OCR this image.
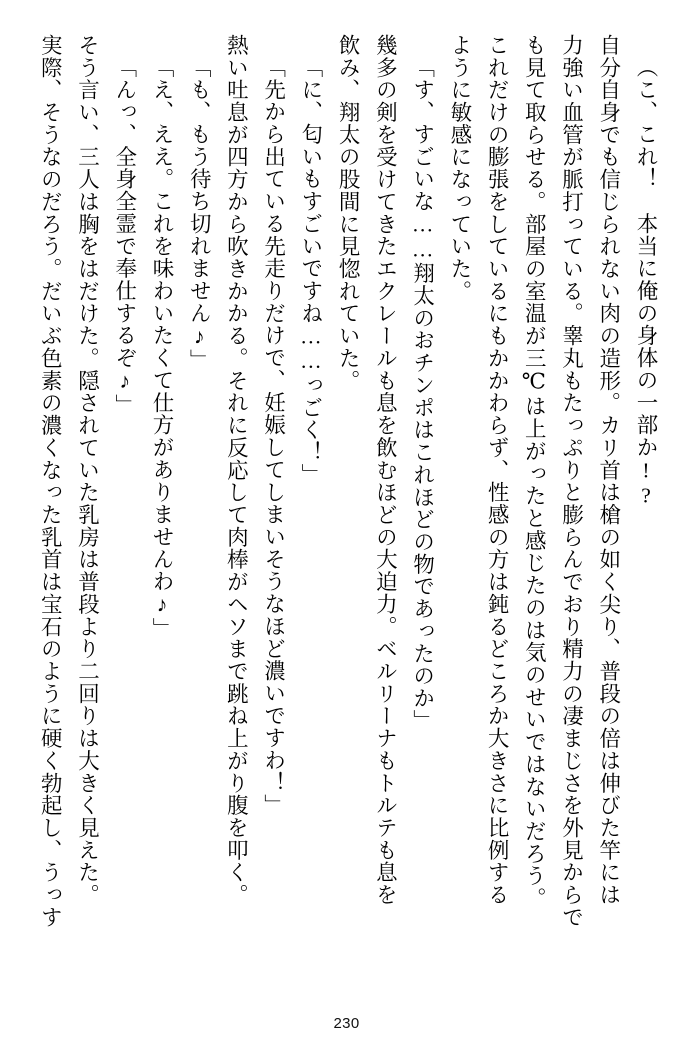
（こ、これ！　本当に俺の身体の一部か!?

自分自身でも信じられない肉の造形。カリ首は槍の如く尖り、普段の倍は伸びた竿には

力強い血管が脈打っている。睾丸もたっぷりと膨らんでおり精力の凄まじさを外見からで

も見て取らせる。部屋の室温が三℃は上がったと感じたのは気のせいではないだろう。

これだけの膨張をしているにもかかわらず、性感の方は鈍るどころか大きさに比例する

ように敏感になっていた。

「す、すごいな……翔太のおチンポはこれほどの物であったのか」

幾多の剣を受けてきたエクレールも息を飲むほどの大迫力。ベルリーナもトルテも息を

飲み、翔太の股間に見惚れていた。

「に、匂いもすごいですね……っごく！」

「先から出ている先走りだけで、妊娠してしまいそうなほど濃いですわ！」

熱い吐息が四方から吹きかかる。それに反応して肉棒がヘソまで跳ね上がり腹を叩く。

「も、もう待ち切れません♪」

「え、ええ。これを味わいたくて仕方がありませんわ♪」

「んっ、全身全霊で奉仕するぞ♪」

そう言い、三人は胸をはだけた。隠されていた乳房は普段より二回りは大きく見えた。

実際、そうなのだろう。だいぶ色素の濃くなった乳首は宝石のように硬く勃起し、うっす

230
